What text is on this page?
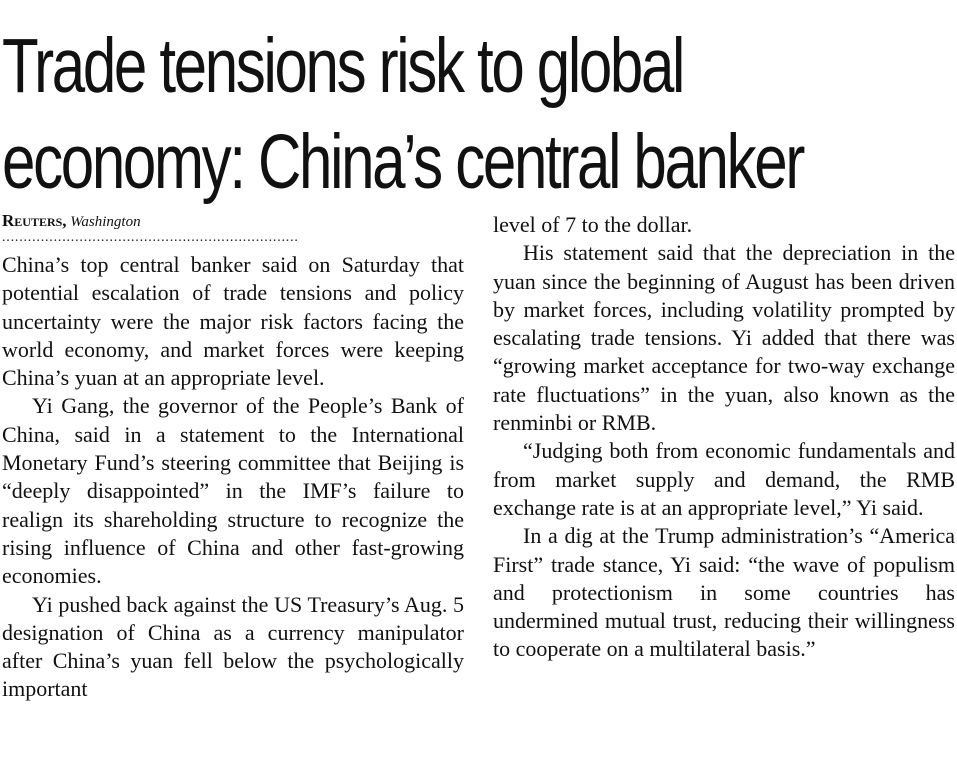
Trade tensions risk to global
economy: China’s central banker

Reuters, Washington

.....................................................................

China’s top central banker said on Saturday that potential escalation of trade tensions and policy uncertainty were the major risk factors facing the world economy, and market forces were keeping China’s yuan at an appropriate level.

Yi Gang, the governor of the People’s Bank of China, said in a statement to the International Monetary Fund’s steering committee that Beijing is “deeply disappointed” in the IMF’s failure to realign its shareholding structure to recognize the rising influence of China and other fast-growing economies.

Yi pushed back against the US Treasury’s Aug. 5 designation of China as a currency manipulator after China’s yuan fell below the psychologically important

level of 7 to the dollar.

His statement said that the depreciation in the yuan since the beginning of August has been driven by market forces, including volatility prompted by escalating trade tensions. Yi added that there was “growing market acceptance for two-way exchange rate fluctuations” in the yuan, also known as the renminbi or RMB.

“Judging both from economic fundamentals and from market supply and demand, the RMB exchange rate is at an appropriate level,” Yi said.

In a dig at the Trump administration’s “America First” trade stance, Yi said: “the wave of populism and protectionism in some countries has undermined mutual trust, reducing their willingness to cooperate on a multilateral basis.”
